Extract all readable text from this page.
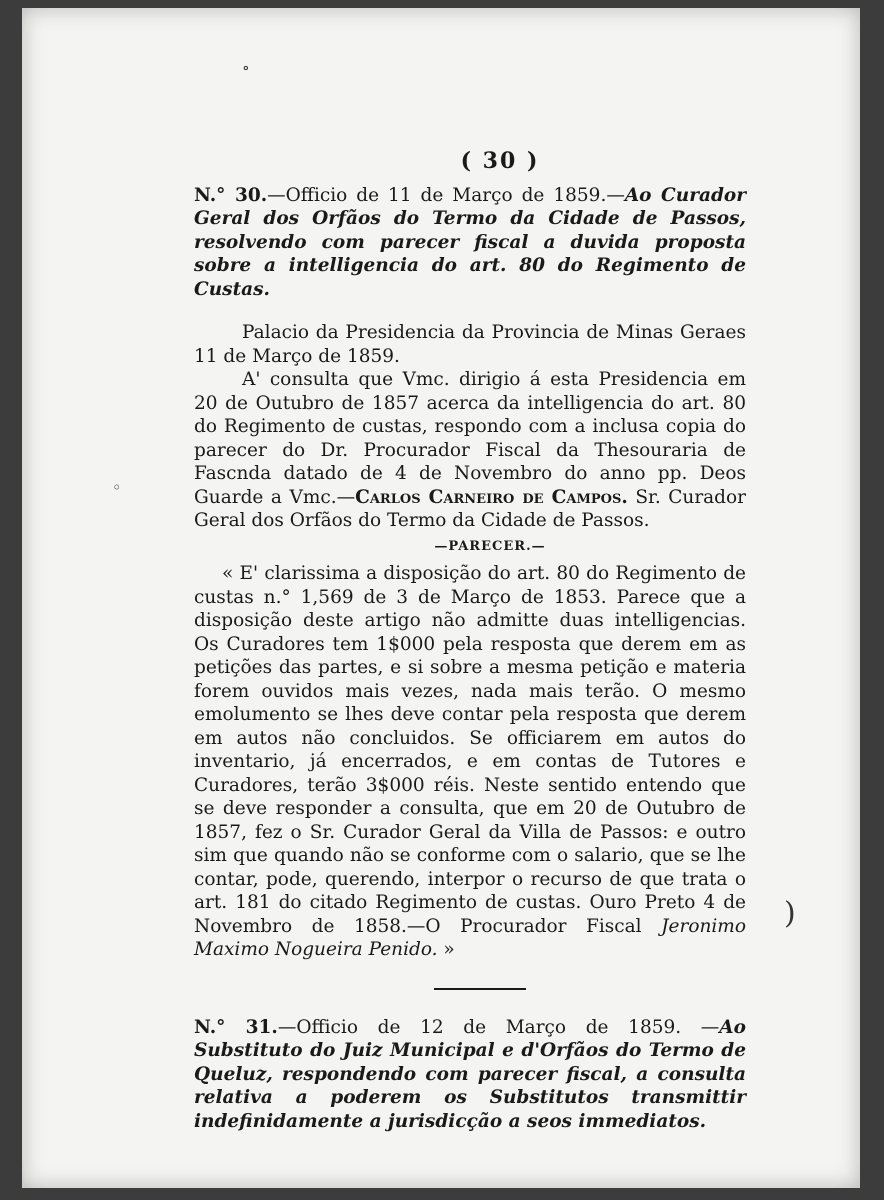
∘
◦
)
( 30 )

N.° 30.—Officio de 11 de Março de 1859.—Ao Curador Geral dos Orfãos do Termo da Cidade de Passos, resolvendo com parecer fiscal a duvida proposta sobre a intelligencia do art. 80 do Regimento de Custas.

Palacio da Presidencia da Provincia de Minas Geraes 11 de Março de 1859.

A' consulta que Vmc. dirigio á esta Presidencia em 20 de Outubro de 1857 acerca da intelligencia do art. 80 do Regimento de custas, respondo com a inclusa copia do parecer do Dr. Procurador Fiscal da Thesouraria de Fascnda datado de 4 de Novembro do anno pp. Deos Guarde a Vmc.—Carlos Carneiro de Campos. Sr. Curador Geral dos Orfãos do Termo da Cidade de Passos.

—PARECER.—

« E' clarissima a disposição do art. 80 do Regimento de custas n.° 1,569 de 3 de Março de 1853. Parece que a disposição deste artigo não admitte duas intelligencias. Os Curadores tem 1$000 pela resposta que derem em as petições das partes, e si sobre a mesma petição e materia forem ouvidos mais vezes, nada mais terão. O mesmo emolumento se lhes deve contar pela resposta que derem em autos não concluidos. Se officiarem em autos do inventario, já encerrados, e em contas de Tutores e Curadores, terão 3$000 réis. Neste sentido entendo que se deve responder a consulta, que em 20 de Outubro de 1857, fez o Sr. Curador Geral da Villa de Passos: e outro sim que quando não se conforme com o salario, que se lhe contar, pode, querendo, interpor o recurso de que trata o art. 181 do citado Regimento de custas. Ouro Preto 4 de Novembro de 1858.—O Procurador Fiscal Jeronimo Maximo Nogueira Penido. »

N.° 31.—Officio de 12 de Março de 1859. —Ao Substituto do Juiz Municipal e d'Orfãos do Termo de Queluz, respondendo com parecer fiscal, a consulta relativa a poderem os Substitutos transmittir indefinidamente a jurisdicção a seos immediatos.
